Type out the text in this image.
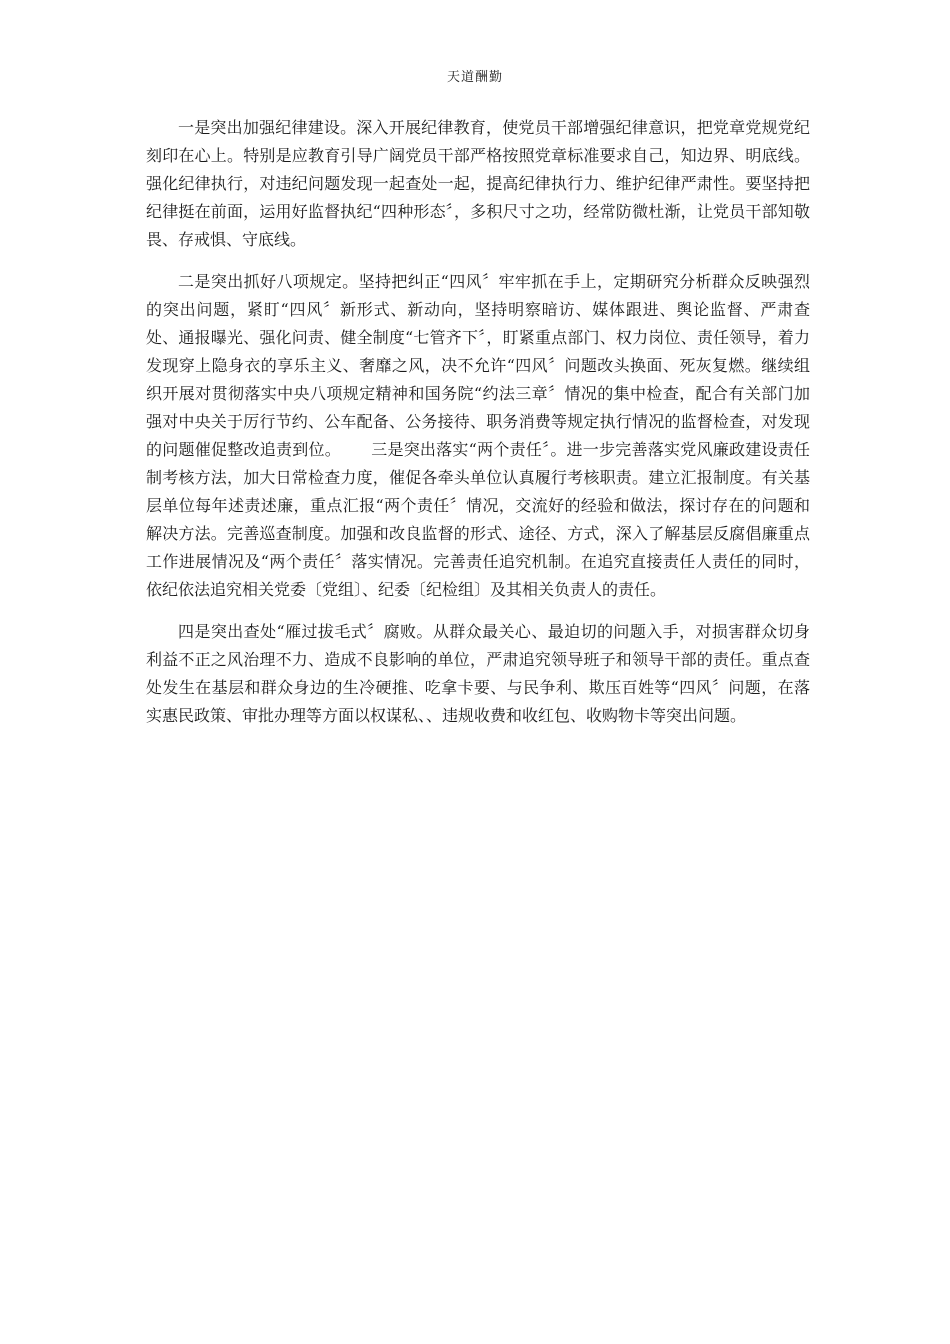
天道酬勤

一是突出加强纪律建设。深入开展纪律教育，使党员干部增强纪律意识，把党章党规党纪刻印在心上。特别是应教育引导广阔党员干部严格按照党章标准要求自己，知边界、明底线。强化纪律执行，对违纪问题发现一起查处一起，提高纪律执行力、维护纪律严肃性。要坚持把纪律挺在前面，运用好监督执纪“四种形态〞，多积尺寸之功，经常防微杜渐，让党员干部知敬畏、存戒惧、守底线。

二是突出抓好八项规定。坚持把纠正“四风〞牢牢抓在手上，定期研究分析群众反映强烈的突出问题，紧盯“四风〞新形式、新动向，坚持明察暗访、媒体跟进、舆论监督、严肃查处、通报曝光、强化问责、健全制度“七管齐下〞，盯紧重点部门、权力岗位、责任领导，着力发现穿上隐身衣的享乐主义、奢靡之风，决不允许“四风〞问题改头换面、死灰复燃。继续组织开展对贯彻落实中央八项规定精神和国务院“约法三章〞情况的集中检查，配合有关部门加强对中央关于厉行节约、公车配备、公务接待、职务消费等规定执行情况的监督检查，对发现的问题催促整改追责到位。 三是突出落实“两个责任〞。进一步完善落实党风廉政建设责任制考核方法，加大日常检查力度，催促各牵头单位认真履行考核职责。建立汇报制度。有关基层单位每年述责述廉，重点汇报“两个责任〞情况，交流好的经验和做法，探讨存在的问题和解决方法。完善巡查制度。加强和改良监督的形式、途径、方式，深入了解基层反腐倡廉重点工作进展情况及“两个责任〞落实情况。完善责任追究机制。在追究直接责任人责任的同时，依纪依法追究相关党委〔党组〕、纪委〔纪检组〕及其相关负责人的责任。

四是突出查处“雁过拔毛式〞腐败。从群众最关心、最迫切的问题入手，对损害群众切身利益不正之风治理不力、造成不良影响的单位，严肃追究领导班子和领导干部的责任。重点查处发生在基层和群众身边的生冷硬推、吃拿卡要、与民争利、欺压百姓等“四风〞问题，在落实惠民政策、审批办理等方面以权谋私、、违规收费和收红包、收购物卡等突出问题。
